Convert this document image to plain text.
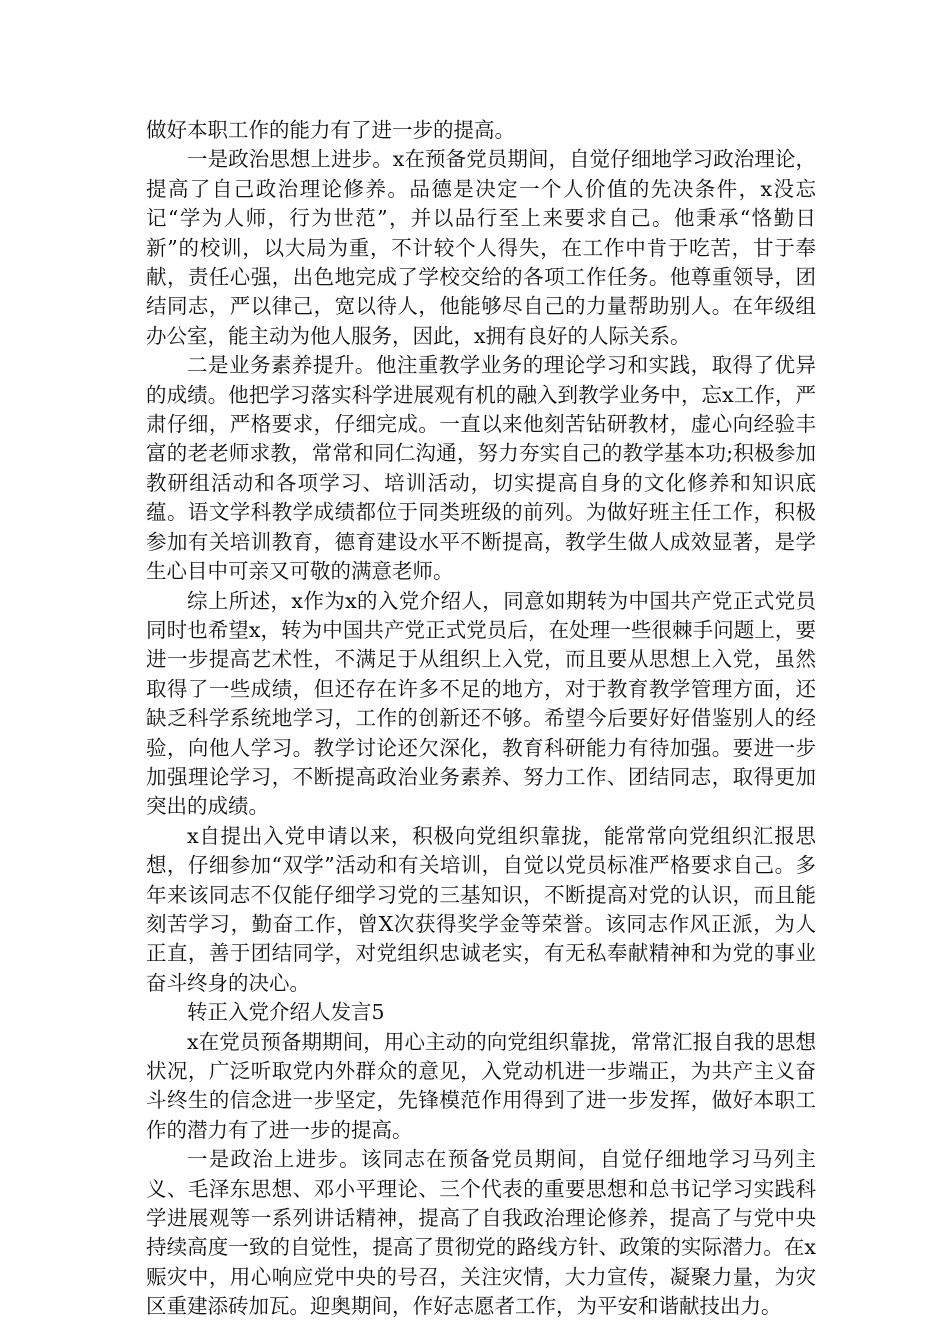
做好本职工作的能力有了进一步的提高。

一是政治思想上进步。x在预备党员期间，自觉仔细地学习政治理论，提高了自己政治理论修养。品德是决定一个人价值的先决条件，x没忘记“学为人师，行为世范”，并以品行至上来要求自己。他秉承“恪勤日新”的校训，以大局为重，不计较个人得失，在工作中肯于吃苦，甘于奉献，责任心强，出色地完成了学校交给的各项工作任务。他尊重领导，团结同志，严以律己，宽以待人，他能够尽自己的力量帮助别人。在年级组办公室，能主动为他人服务，因此，x拥有良好的人际关系。

二是业务素养提升。他注重教学业务的理论学习和实践，取得了优异的成绩。他把学习落实科学进展观有机的融入到教学业务中，忘x工作，严肃仔细，严格要求，仔细完成。一直以来他刻苦钻研教材，虚心向经验丰富的老老师求教，常常和同仁沟通，努力夯实自己的教学基本功;积极参加教研组活动和各项学习、培训活动，切实提高自身的文化修养和知识底蕴。语文学科教学成绩都位于同类班级的前列。为做好班主任工作，积极参加有关培训教育，德育建设水平不断提高，教学生做人成效显著，是学生心目中可亲又可敬的满意老师。

综上所述，x作为x的入党介绍人，同意如期转为中国共产党正式党员同时也希望x，转为中国共产党正式党员后，在处理一些很棘手问题上，要进一步提高艺术性，不满足于从组织上入党，而且要从思想上入党，虽然取得了一些成绩，但还存在许多不足的地方，对于教育教学管理方面，还缺乏科学系统地学习，工作的创新还不够。希望今后要好好借鉴别人的经验，向他人学习。教学讨论还欠深化，教育科研能力有待加强。要进一步加强理论学习，不断提高政治业务素养、努力工作、团结同志，取得更加突出的成绩。

x自提出入党申请以来，积极向党组织靠拢，能常常向党组织汇报思想，仔细参加“双学”活动和有关培训，自觉以党员标准严格要求自己。多年来该同志不仅能仔细学习党的三基知识，不断提高对党的认识，而且能刻苦学习，勤奋工作，曾X次获得奖学金等荣誉。该同志作风正派，为人正直，善于团结同学，对党组织忠诚老实，有无私奉献精神和为党的事业奋斗终身的决心。

转正入党介绍人发言5

x在党员预备期期间，用心主动的向党组织靠拢，常常汇报自我的思想状况，广泛听取党内外群众的意见，入党动机进一步端正，为共产主义奋斗终生的信念进一步坚定，先锋模范作用得到了进一步发挥，做好本职工作的潜力有了进一步的提高。

一是政治上进步。该同志在预备党员期间，自觉仔细地学习马列主义、毛泽东思想、邓小平理论、三个代表的重要思想和总书记学习实践科学进展观等一系列讲话精神，提高了自我政治理论修养，提高了与党中央持续高度一致的自觉性，提高了贯彻党的路线方针、政策的实际潜力。在x赈灾中，用心响应党中央的号召，关注灾情，大力宣传，凝聚力量，为灾区重建添砖加瓦。迎奥期间，作好志愿者工作，为平安和谐献技出力。
